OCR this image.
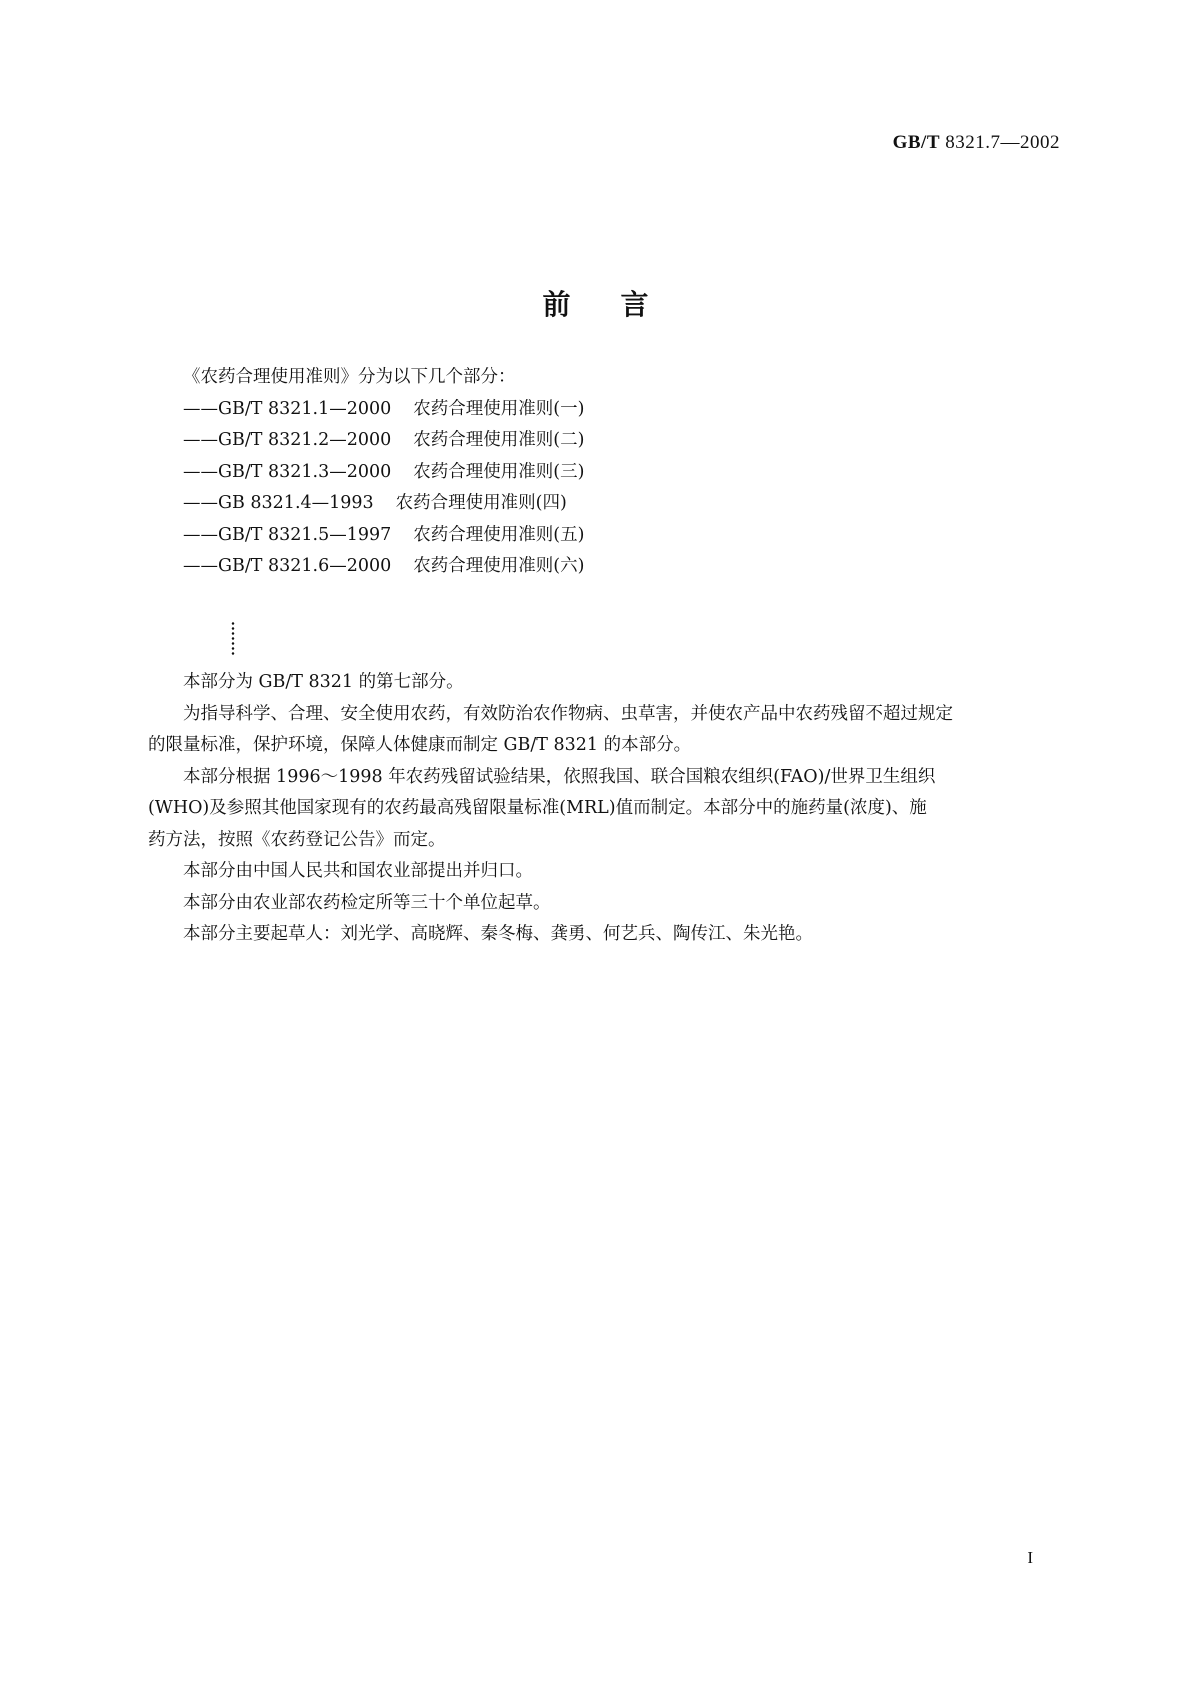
GB/T 8321.7—2002
前言
《农药合理使用准则》分为以下几个部分：
——GB/T 8321.1—2000 农药合理使用准则(一)
——GB/T 8321.2—2000 农药合理使用准则(二)
——GB/T 8321.3—2000 农药合理使用准则(三)
——GB 8321.4—1993 农药合理使用准则(四)
——GB/T 8321.5—1997 农药合理使用准则(五)
——GB/T 8321.6—2000 农药合理使用准则(六)
本部分为 GB/T 8321 的第七部分。
为指导科学、合理、安全使用农药，有效防治农作物病、虫草害，并使农产品中农药残留不超过规定
的限量标准，保护环境，保障人体健康而制定 GB/T 8321 的本部分。
本部分根据 1996～1998 年农药残留试验结果，依照我国、联合国粮农组织(FAO)/世界卫生组织
(WHO)及参照其他国家现有的农药最高残留限量标准(MRL)值而制定。本部分中的施药量(浓度)、施
药方法，按照《农药登记公告》而定。
本部分由中国人民共和国农业部提出并归口。
本部分由农业部农药检定所等三十个单位起草。
本部分主要起草人：刘光学、高晓辉、秦冬梅、龚勇、何艺兵、陶传江、朱光艳。
I
